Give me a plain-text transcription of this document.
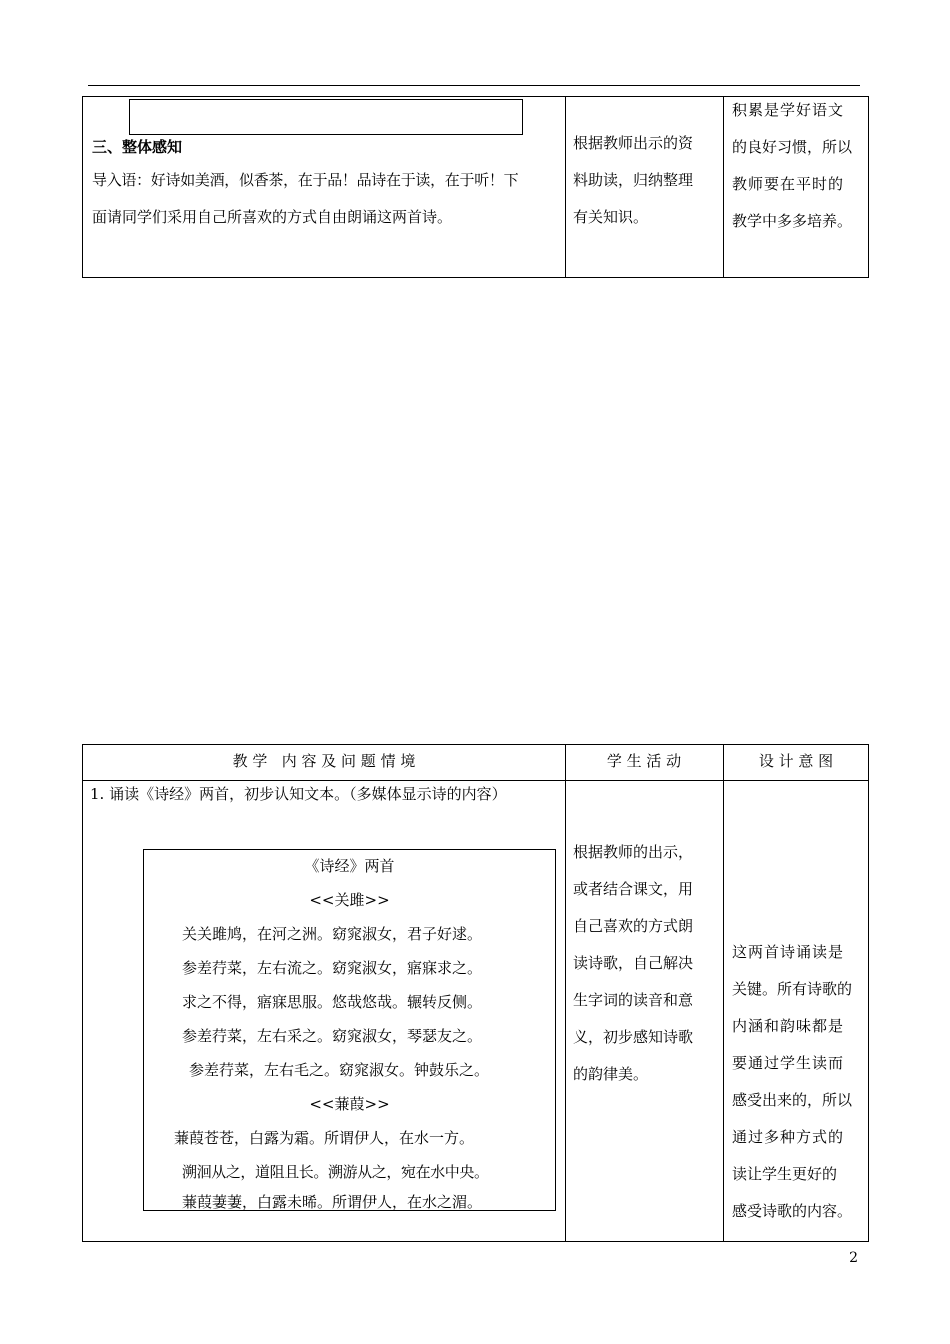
三、整体感知
导入语：好诗如美酒，似香茶，在于品！品诗在于读，在于听！下
面请同学们采用自己所喜欢的方式自由朗诵这两首诗。
根据教师出示的资
料助读，归纳整理
有关知识。
积累是学好语文
的良好习惯，所以
教师要在平时的
教学中多多培养。
教 学   内 容 及 问 题 情 境	学 生 活 动	设 计 意 图
1. 诵读《诗经》两首，初步认知文本。（多媒体显示诗的内容）
《诗经》两首
<<关雎>>
关关雎鸠，在河之洲。窈窕淑女，君子好逑。
参差荇菜，左右流之。窈窕淑女，寤寐求之。
求之不得，寤寐思服。悠哉悠哉。辗转反侧。
参差荇菜，左右采之。窈窕淑女，琴瑟友之。
参差荇菜，左右毛之。窈窕淑女。钟鼓乐之。
<<蒹葭>>
蒹葭苍苍，白露为霜。所谓伊人，在水一方。
溯洄从之，道阻且长。溯游从之，宛在水中央。
蒹葭萋萋，白露未晞。所谓伊人，在水之湄。
根据教师的出示，
或者结合课文，用
自己喜欢的方式朗
读诗歌，自己解决
生字词的读音和意
义，初步感知诗歌
的韵律美。
这两首诗诵读是
关键。所有诗歌的
内涵和韵味都是
要通过学生读而
感受出来的，所以
通过多种方式的
读让学生更好的
感受诗歌的内容。
2
